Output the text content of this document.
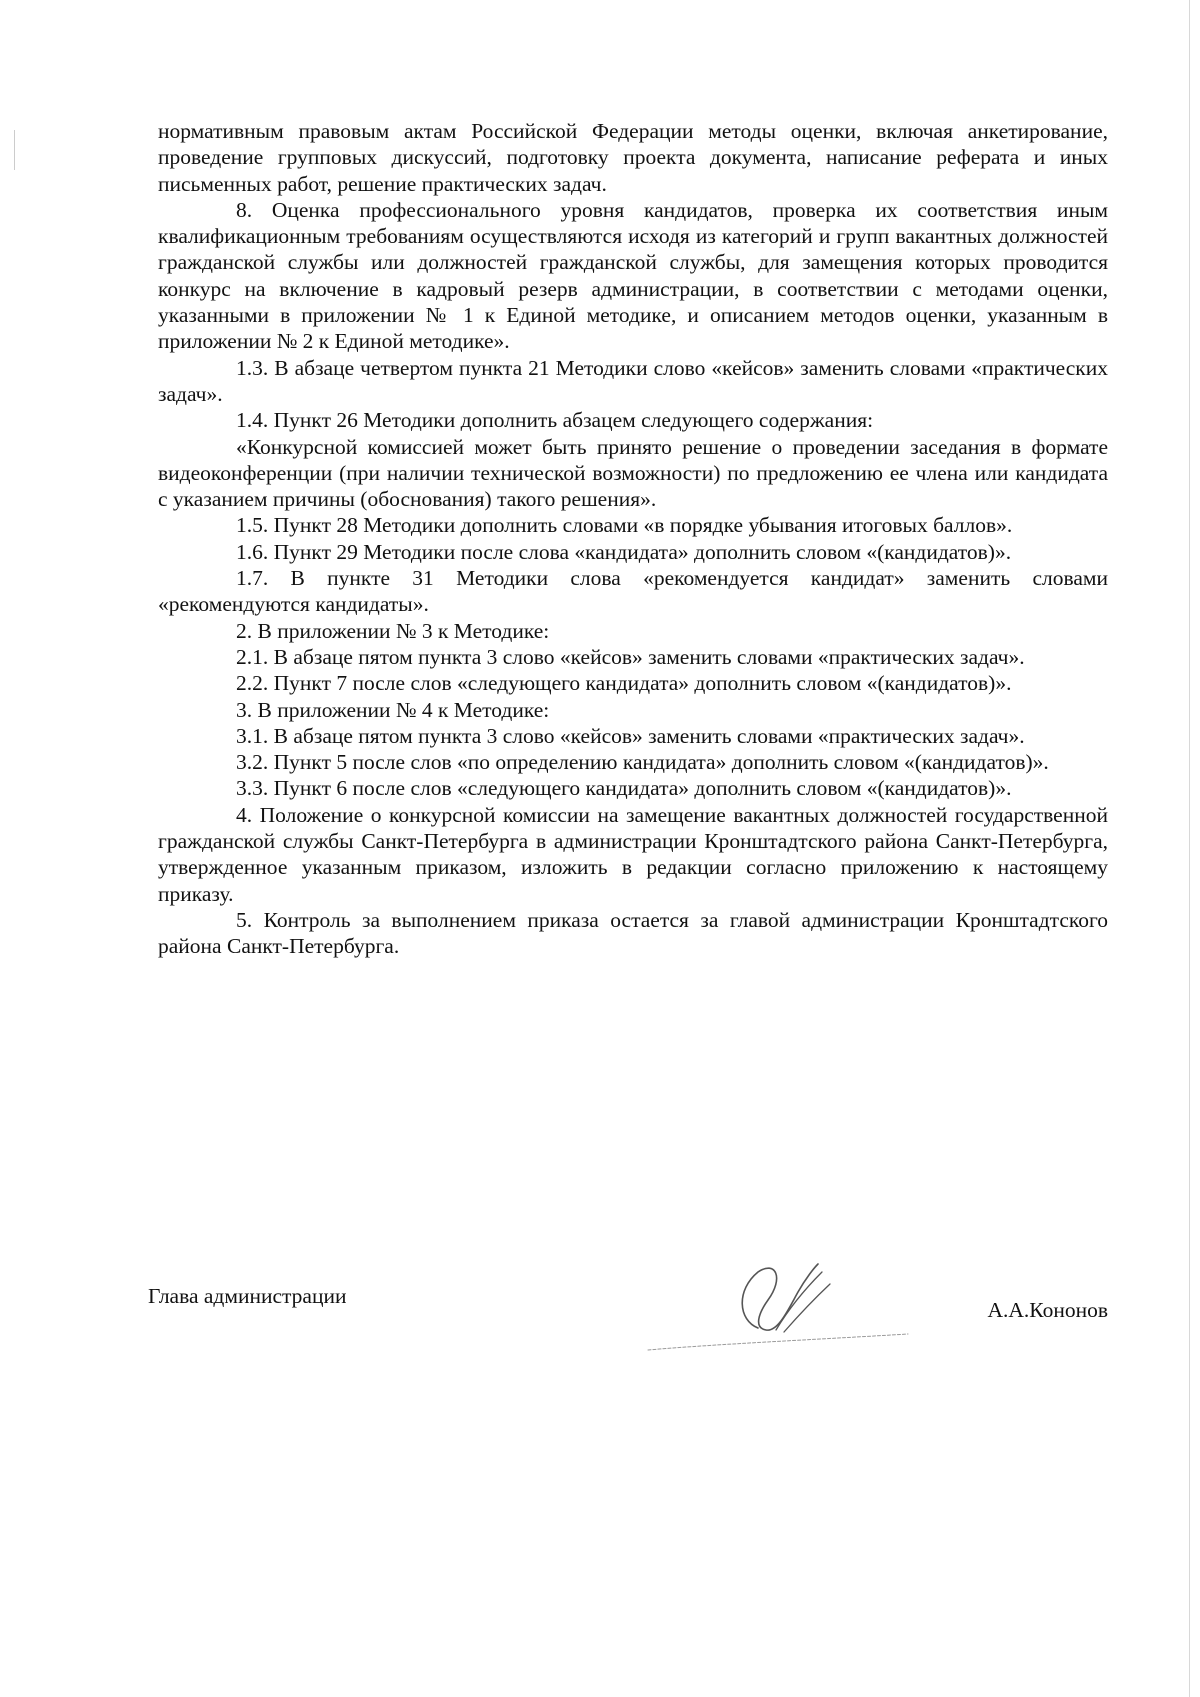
нормативным правовым актам Российской Федерации методы оценки, включая анкетирование, проведение групповых дискуссий, подготовку проекта документа, написание реферата и иных письменных работ, решение практических задач.

8. Оценка профессионального уровня кандидатов, проверка их соответствия иным квалификационным требованиям осуществляются исходя из категорий и групп вакантных должностей гражданской службы или должностей гражданской службы, для замещения которых проводится конкурс на включение в кадровый резерв администрации, в соответствии с методами оценки, указанными в приложении № 1 к Единой методике, и описанием методов оценки, указанным в приложении № 2 к Единой методике».

1.3. В абзаце четвертом пункта 21 Методики слово «кейсов» заменить словами «практических задач».

1.4. Пункт 26 Методики дополнить абзацем следующего содержания:

«Конкурсной комиссией может быть принято решение о проведении заседания в формате видеоконференции (при наличии технической возможности) по предложению ее члена или кандидата с указанием причины (обоснования) такого решения».

1.5. Пункт 28 Методики дополнить словами «в порядке убывания итоговых баллов».

1.6. Пункт 29 Методики после слова «кандидата» дополнить словом «(кандидатов)».

1.7. В пункте 31 Методики слова «рекомендуется кандидат» заменить словами «рекомендуются кандидаты».

2. В приложении № 3 к Методике:

2.1. В абзаце пятом пункта 3 слово «кейсов» заменить словами «практических задач».

2.2. Пункт 7 после слов «следующего кандидата» дополнить словом «(кандидатов)».

3. В приложении № 4 к Методике:

3.1. В абзаце пятом пункта 3 слово «кейсов» заменить словами «практических задач».

3.2. Пункт 5 после слов «по определению кандидата» дополнить словом «(кандидатов)».

3.3. Пункт 6 после слов «следующего кандидата» дополнить словом «(кандидатов)».

4. Положение о конкурсной комиссии на замещение вакантных должностей государственной гражданской службы Санкт-Петербурга в администрации Кронштадтского района Санкт-Петербурга, утвержденное указанным приказом, изложить в редакции согласно приложению к настоящему приказу.

5. Контроль за выполнением приказа остается за главой администрации Кронштадтского района Санкт-Петербурга.

Глава администрации
А.А.Кононов
